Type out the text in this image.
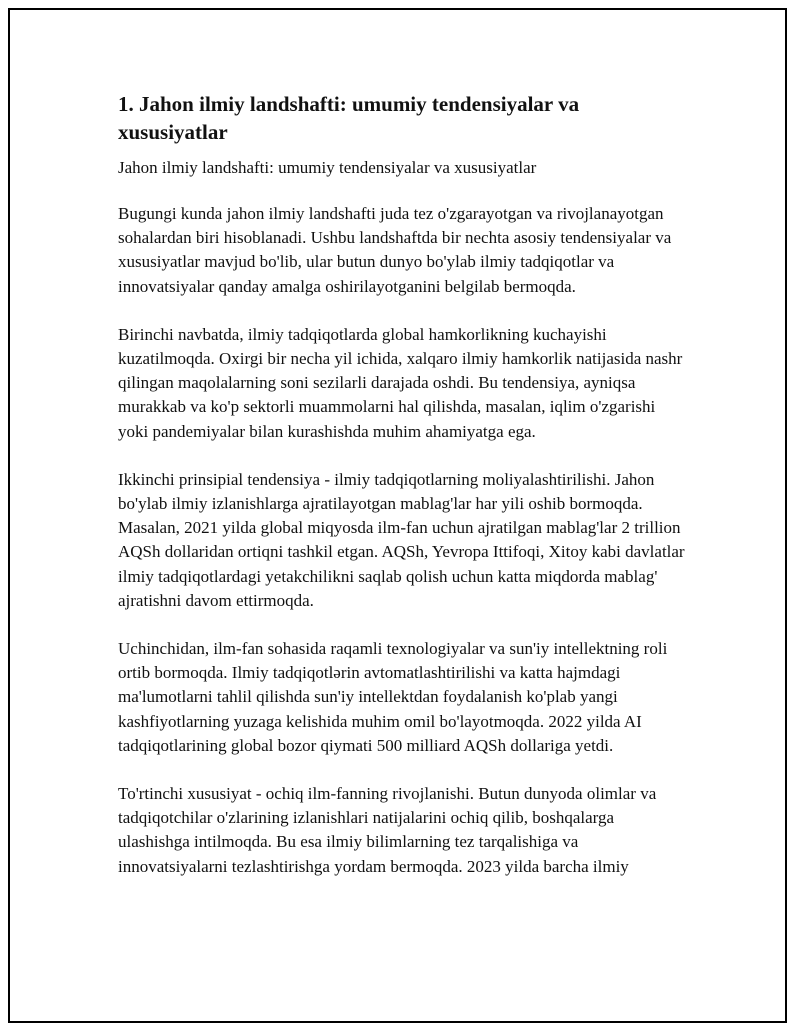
1. Jahon ilmiy landshafti: umumiy tendensiyalar va xususiyatlar

Jahon ilmiy landshafti: umumiy tendensiyalar va xususiyatlar

Bugungi kunda jahon ilmiy landshafti juda tez o'zgarayotgan va rivojlanayotgan sohalardan biri hisoblanadi. Ushbu landshaftda bir nechta asosiy tendensiyalar va xususiyatlar mavjud bo'lib, ular butun dunyo bo'ylab ilmiy tadqiqotlar va innovatsiyalar qanday amalga oshirilayotganini belgilab bermoqda.

Birinchi navbatda, ilmiy tadqiqotlarda global hamkorlikning kuchayishi kuzatilmoqda. Oxirgi bir necha yil ichida, xalqaro ilmiy hamkorlik natijasida nashr qilingan maqolalarning soni sezilarli darajada oshdi. Bu tendensiya, ayniqsa murakkab va ko'p sektorli muammolarni hal qilishda, masalan, iqlim o'zgarishi yoki pandemiyalar bilan kurashishda muhim ahamiyatga ega.

Ikkinchi prinsipial tendensiya - ilmiy tadqiqotlarning moliyalashtirilishi. Jahon bo'ylab ilmiy izlanishlarga ajratilayotgan mablag'lar har yili oshib bormoqda. Masalan, 2021 yilda global miqyosda ilm-fan uchun ajratilgan mablag'lar 2 trillion AQSh dollaridan ortiqni tashkil etgan. AQSh, Yevropa Ittifoqi, Xitoy kabi davlatlar ilmiy tadqiqotlardagi yetakchilikni saqlab qolish uchun katta miqdorda mablag' ajratishni davom ettirmoqda.

Uchinchidan, ilm-fan sohasida raqamli texnologiyalar va sun'iy intellektning roli ortib bormoqda. Ilmiy tadqiqotlərin avtomatlashtirilishi va katta hajmdagi ma'lumotlarni tahlil qilishda sun'iy intellektdan foydalanish ko'plab yangi kashfiyotlarning yuzaga kelishida muhim omil bo'layotmoqda. 2022 yilda AI tadqiqotlarining global bozor qiymati 500 milliard AQSh dollariga yetdi.

To'rtinchi xususiyat - ochiq ilm-fanning rivojlanishi. Butun dunyoda olimlar va tadqiqotchilar o'zlarining izlanishlari natijalarini ochiq qilib, boshqalarga ulashishga intilmoqda. Bu esa ilmiy bilimlarning tez tarqalishiga va innovatsiyalarni tezlashtirishga yordam bermoqda. 2023 yilda barcha ilmiy
